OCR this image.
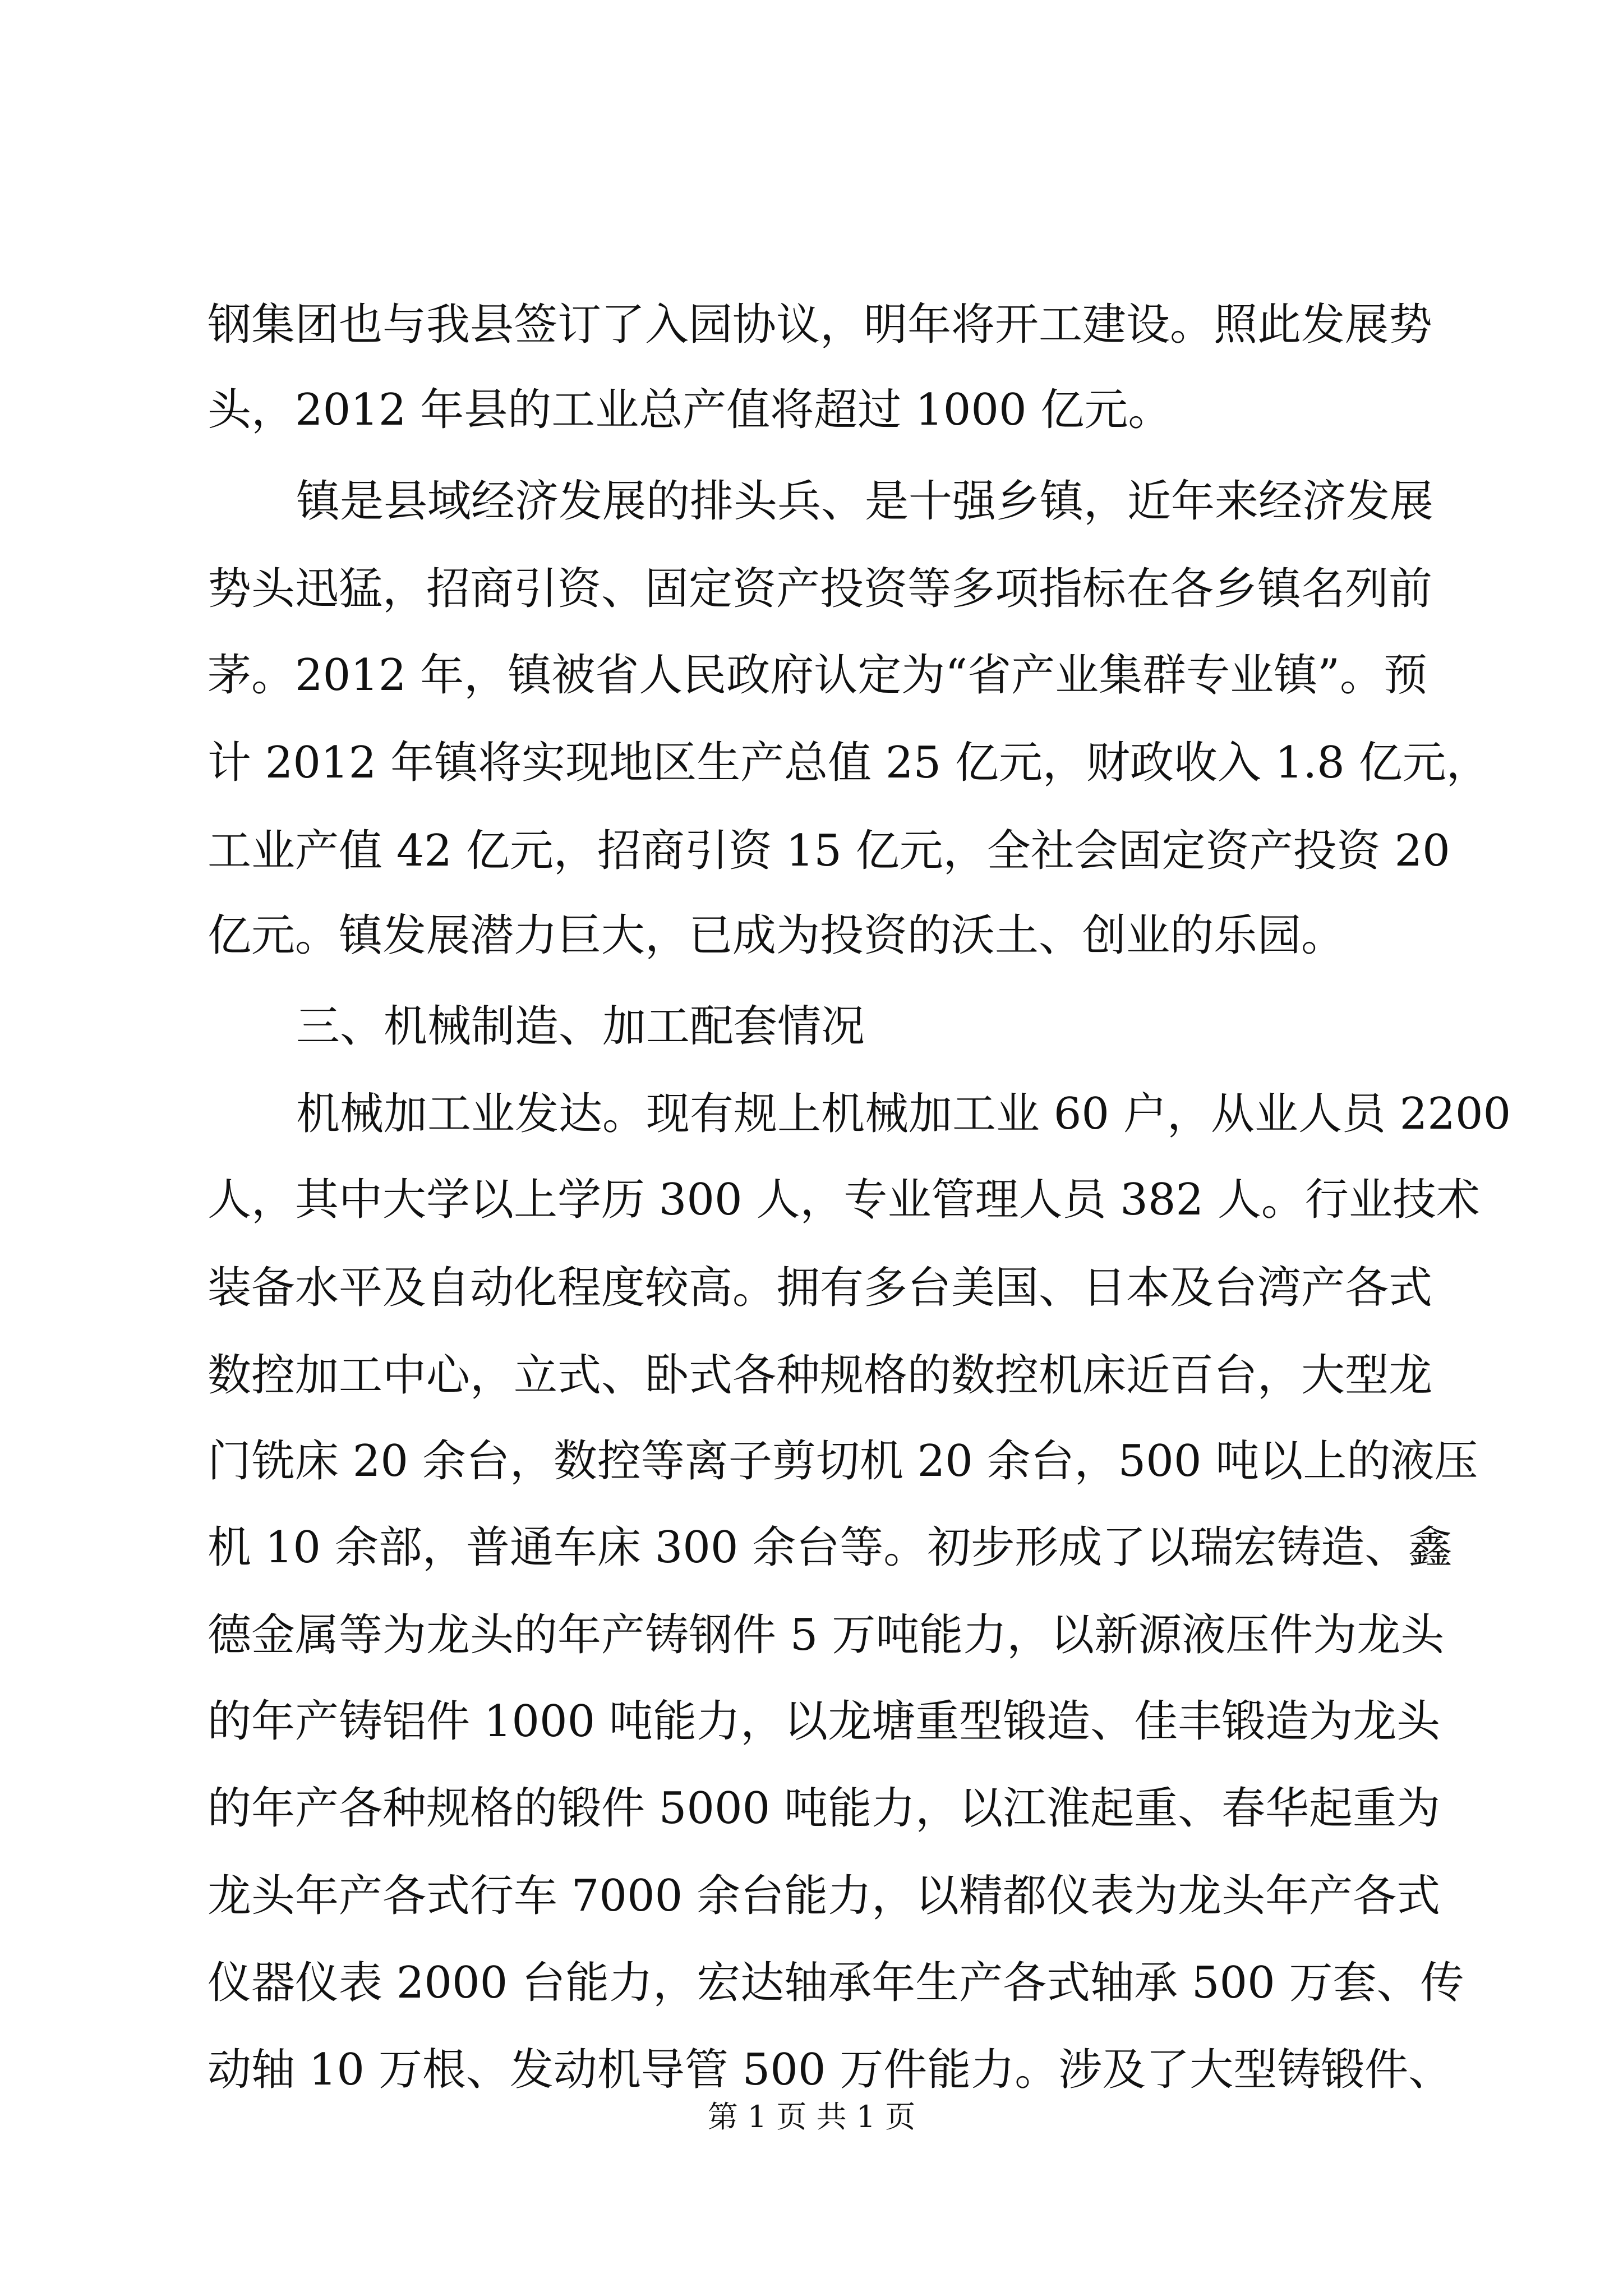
钢集团也与我县签订了入园协议，明年将开工建设。照此发展势

头，2012 年县的工业总产值将超过 1000 亿元。

镇是县域经济发展的排头兵、是十强乡镇，近年来经济发展

势头迅猛，招商引资、固定资产投资等多项指标在各乡镇名列前

茅。2012 年，镇被省人民政府认定为“省产业集群专业镇”。预

计 2012 年镇将实现地区生产总值 25 亿元，财政收入 1.8 亿元，

工业产值 42 亿元，招商引资 15 亿元，全社会固定资产投资 20

亿元。镇发展潜力巨大，已成为投资的沃土、创业的乐园。

三、机械制造、加工配套情况

机械加工业发达。现有规上机械加工业 60 户，从业人员 2200

人，其中大学以上学历 300 人，专业管理人员 382 人。行业技术

装备水平及自动化程度较高。拥有多台美国、日本及台湾产各式

数控加工中心，立式、卧式各种规格的数控机床近百台，大型龙

门铣床 20 余台，数控等离子剪切机 20 余台，500 吨以上的液压

机 10 余部，普通车床 300 余台等。初步形成了以瑞宏铸造、鑫

德金属等为龙头的年产铸钢件 5 万吨能力，以新源液压件为龙头

的年产铸铝件 1000 吨能力，以龙塘重型锻造、佳丰锻造为龙头

的年产各种规格的锻件 5000 吨能力，以江淮起重、春华起重为

龙头年产各式行车 7000 余台能力，以精都仪表为龙头年产各式

仪器仪表 2000 台能力，宏达轴承年生产各式轴承 500 万套、传

动轴 10 万根、发动机导管 500 万件能力。涉及了大型铸锻件、

第 1 页 共 1 页
